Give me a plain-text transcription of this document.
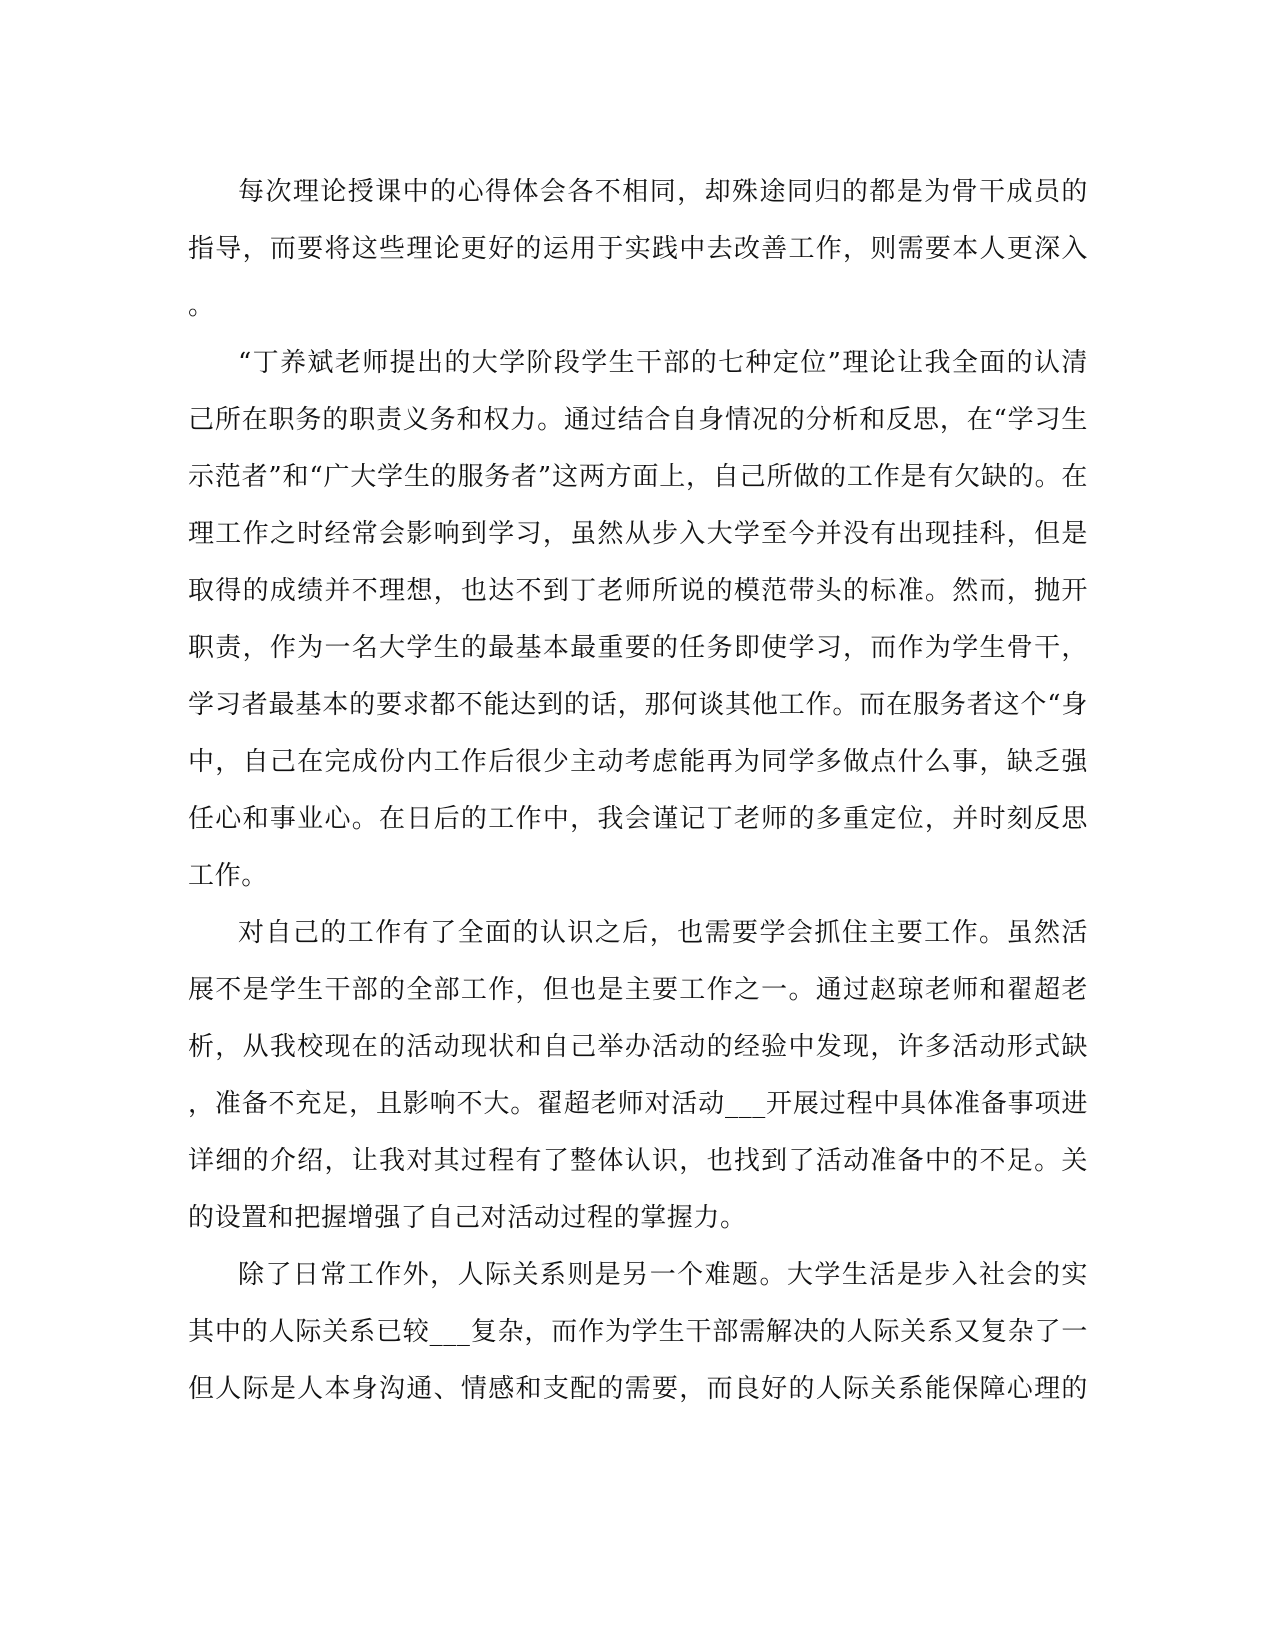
每次理论授课中的心得体会各不相同，却殊途同归的都是为骨干成员的
指导，而要将这些理论更好的运用于实践中去改善工作，则需要本人更深入
。
“丁养斌老师提出的大学阶段学生干部的七种定位”理论让我全面的认清
己所在职务的职责义务和权力。通过结合自身情况的分析和反思，在“学习生
示范者”和“广大学生的服务者”这两方面上，自己所做的工作是有欠缺的。在
理工作之时经常会影响到学习，虽然从步入大学至今并没有出现挂科，但是
取得的成绩并不理想，也达不到丁老师所说的模范带头的标准。然而，抛开
职责，作为一名大学生的最基本最重要的任务即使学习，而作为学生骨干，
学习者最基本的要求都不能达到的话，那何谈其他工作。而在服务者这个“身
中，自己在完成份内工作后很少主动考虑能再为同学多做点什么事，缺乏强
任心和事业心。在日后的工作中，我会谨记丁老师的多重定位，并时刻反思
工作。
对自己的工作有了全面的认识之后，也需要学会抓住主要工作。虽然活
展不是学生干部的全部工作，但也是主要工作之一。通过赵琼老师和翟超老
析，从我校现在的活动现状和自己举办活动的经验中发现，许多活动形式缺
，准备不充足，且影响不大。翟超老师对活动___开展过程中具体准备事项进
详细的介绍，让我对其过程有了整体认识，也找到了活动准备中的不足。关
的设置和把握增强了自己对活动过程的掌握力。
除了日常工作外，人际关系则是另一个难题。大学生活是步入社会的实
其中的人际关系已较___复杂，而作为学生干部需解决的人际关系又复杂了一
但人际是人本身沟通、情感和支配的需要，而良好的人际关系能保障心理的
